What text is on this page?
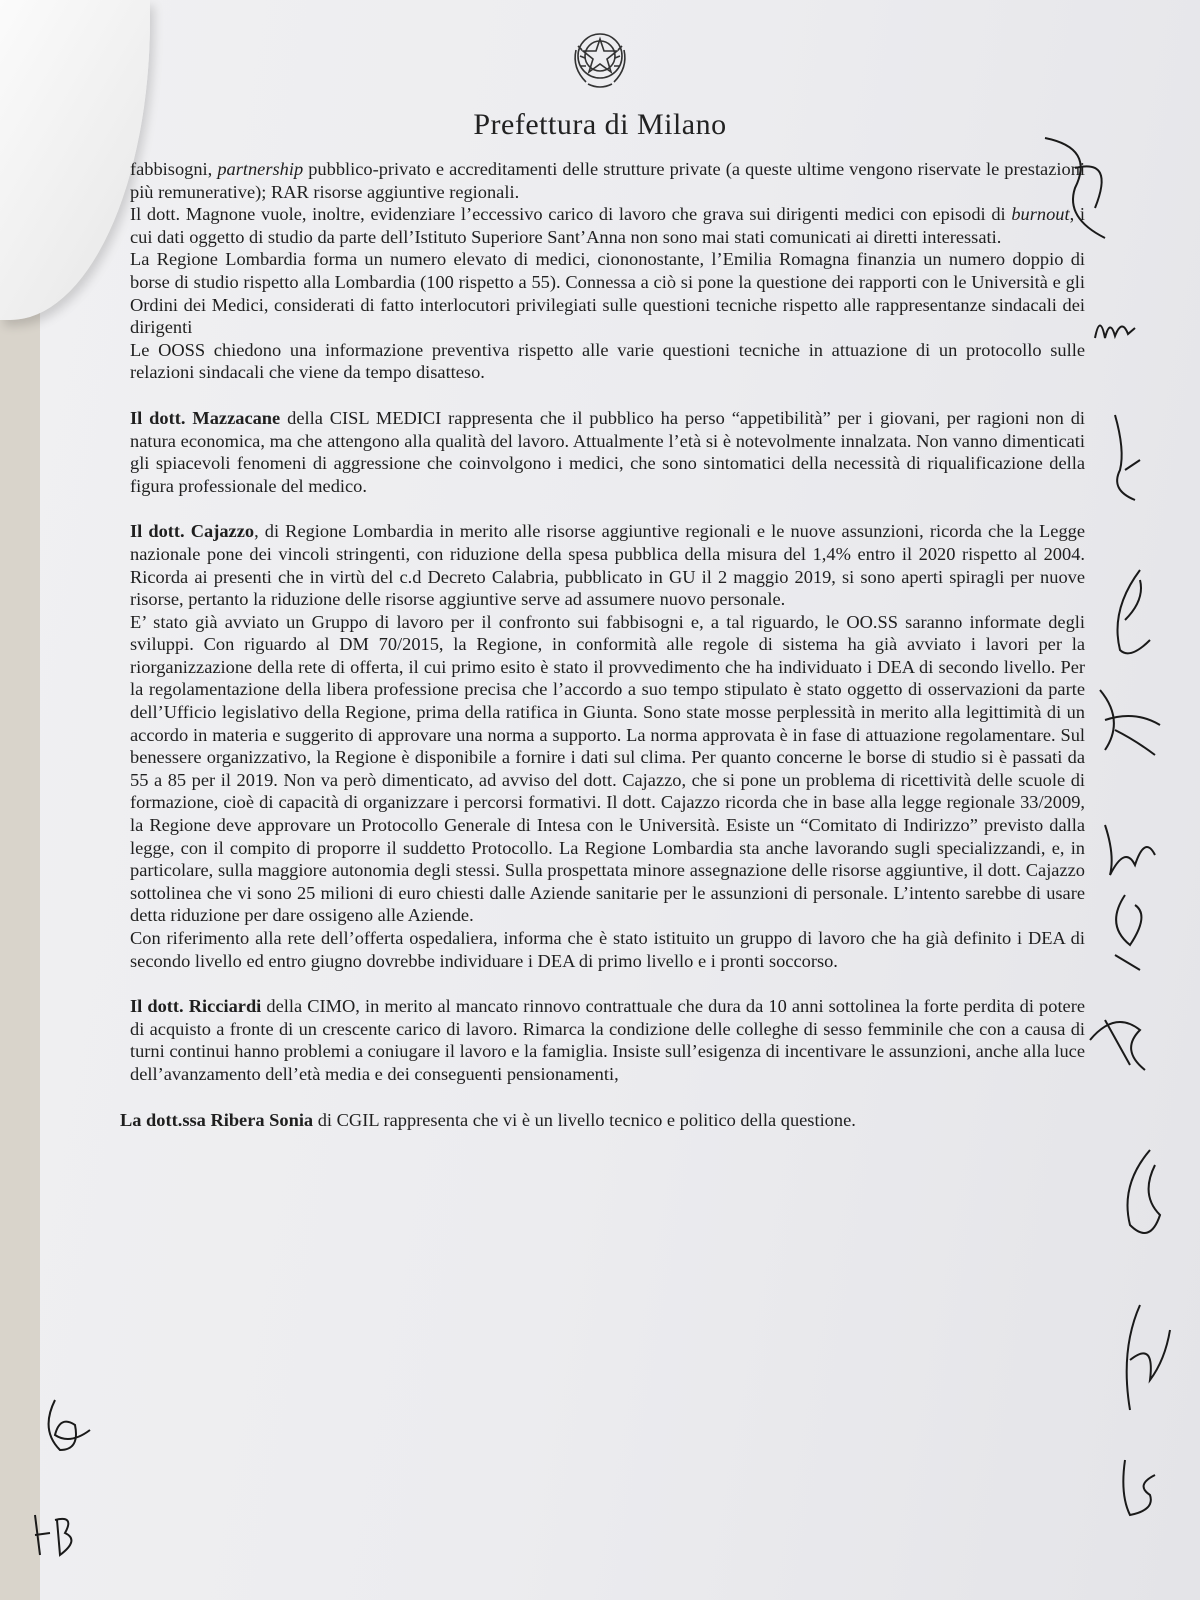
Prefettura di Milano

fabbisogni, partnership pubblico-privato e accreditamenti delle strutture private (a queste ultime vengono riservate le prestazioni più remunerative); RAR risorse aggiuntive regionali.

Il dott. Magnone vuole, inoltre, evidenziare l’eccessivo carico di lavoro che grava sui dirigenti medici con episodi di burnout, i cui dati oggetto di studio da parte dell’Istituto Superiore Sant’Anna non sono mai stati comunicati ai diretti interessati.

La Regione Lombardia forma un numero elevato di medici, ciononostante, l’Emilia Romagna finanzia un numero doppio di borse di studio rispetto alla Lombardia (100 rispetto a 55). Connessa a ciò si pone la questione dei rapporti con le Università e gli Ordini dei Medici, considerati di fatto interlocutori privilegiati sulle questioni tecniche rispetto alle rappresentanze sindacali dei dirigenti

Le OOSS chiedono una informazione preventiva rispetto alle varie questioni tecniche in attuazione di un protocollo sulle relazioni sindacali che viene da tempo disatteso.

Il dott. Mazzacane della CISL MEDICI rappresenta che il pubblico ha perso “appetibilità” per i giovani, per ragioni non di natura economica, ma che attengono alla qualità del lavoro. Attualmente l’età si è notevolmente innalzata. Non vanno dimenticati gli spiacevoli fenomeni di aggressione che coinvolgono i medici, che sono sintomatici della necessità di riqualificazione della figura professionale del medico.

Il dott. Cajazzo, di Regione Lombardia in merito alle risorse aggiuntive regionali e le nuove assunzioni, ricorda che la Legge nazionale pone dei vincoli stringenti, con riduzione della spesa pubblica della misura del 1,4% entro il 2020 rispetto al 2004. Ricorda ai presenti che in virtù del c.d Decreto Calabria, pubblicato in GU il 2 maggio 2019, si sono aperti spiragli per nuove risorse, pertanto la riduzione delle risorse aggiuntive serve ad assumere nuovo personale.

E’ stato già avviato un Gruppo di lavoro per il confronto sui fabbisogni e, a tal riguardo, le OO.SS saranno informate degli sviluppi. Con riguardo al DM 70/2015, la Regione, in conformità alle regole di sistema ha già avviato i lavori per la riorganizzazione della rete di offerta, il cui primo esito è stato il provvedimento che ha individuato i DEA di secondo livello. Per la regolamentazione della libera professione precisa che l’accordo a suo tempo stipulato è stato oggetto di osservazioni da parte dell’Ufficio legislativo della Regione, prima della ratifica in Giunta. Sono state mosse perplessità in merito alla legittimità di un accordo in materia e suggerito di approvare una norma a supporto. La norma approvata è in fase di attuazione regolamentare. Sul benessere organizzativo, la Regione è disponibile a fornire i dati sul clima. Per quanto concerne le borse di studio si è passati da 55 a 85 per il 2019. Non va però dimenticato, ad avviso del dott. Cajazzo, che si pone un problema di ricettività delle scuole di formazione, cioè di capacità di organizzare i percorsi formativi. Il dott. Cajazzo ricorda che in base alla legge regionale 33/2009, la Regione deve approvare un Protocollo Generale di Intesa con le Università. Esiste un “Comitato di Indirizzo” previsto dalla legge, con il compito di proporre il suddetto Protocollo. La Regione Lombardia sta anche lavorando sugli specializzandi, e, in particolare, sulla maggiore autonomia degli stessi. Sulla prospettata minore assegnazione delle risorse aggiuntive, il dott. Cajazzo sottolinea che vi sono 25 milioni di euro chiesti dalle Aziende sanitarie per le assunzioni di personale. L’intento sarebbe di usare detta riduzione per dare ossigeno alle Aziende.

Con riferimento alla rete dell’offerta ospedaliera, informa che è stato istituito un gruppo di lavoro che ha già definito i DEA di secondo livello ed entro giugno dovrebbe individuare i DEA di primo livello e i pronti soccorso.

Il dott. Ricciardi della CIMO, in merito al mancato rinnovo contrattuale che dura da 10 anni sottolinea la forte perdita di potere di acquisto a fronte di un crescente carico di lavoro. Rimarca la condizione delle colleghe di sesso femminile che con a causa di turni continui hanno problemi a coniugare il lavoro e la famiglia. Insiste sull’esigenza di incentivare le assunzioni, anche alla luce dell’avanzamento dell’età media e dei conseguenti pensionamenti,

La dott.ssa Ribera Sonia di CGIL rappresenta che vi è un livello tecnico e politico della questione.
